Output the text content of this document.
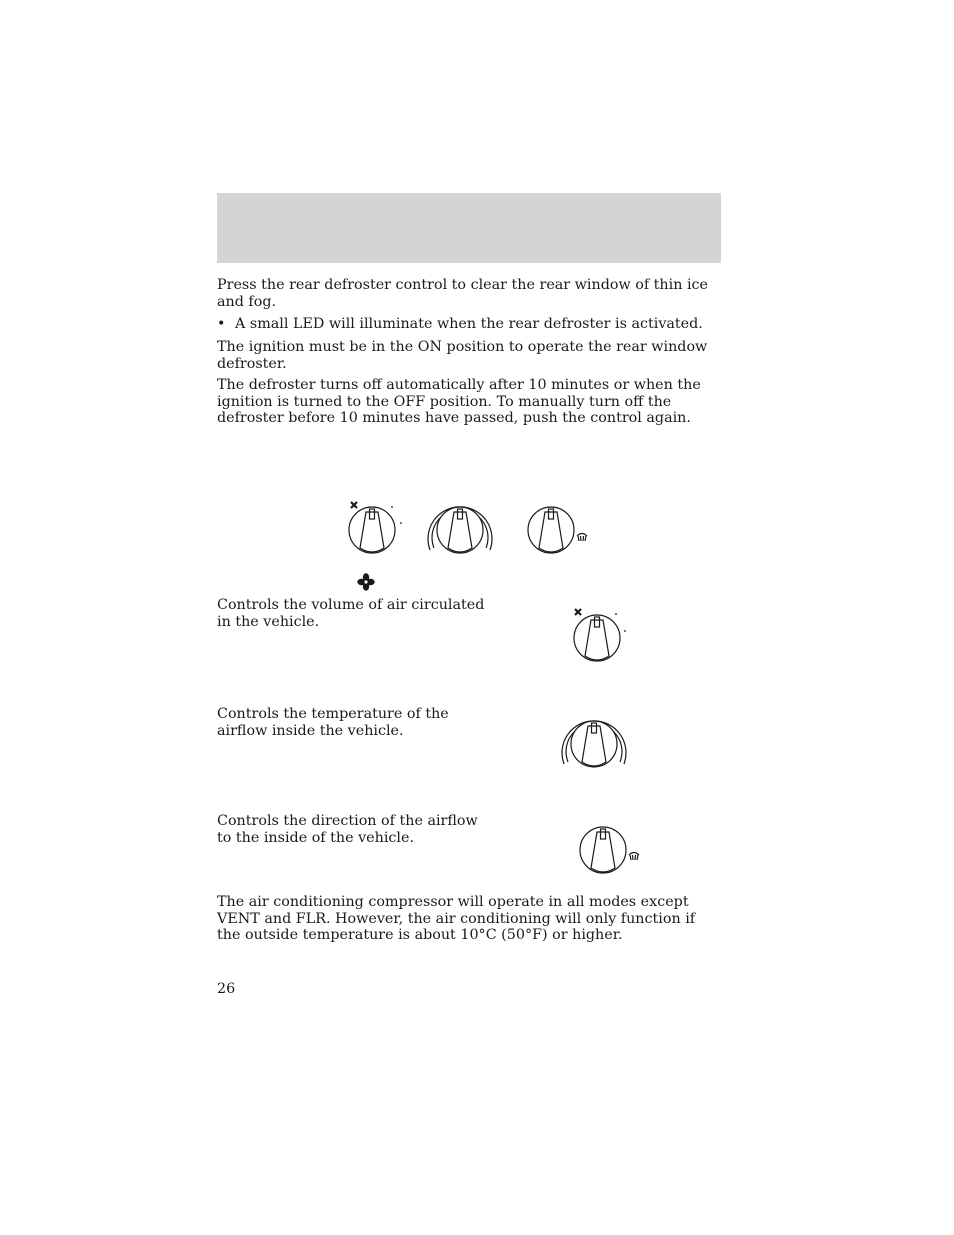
Press the rear defroster control to clear the rear window of thin ice and fog.

• A small LED will illuminate when the rear defroster is activated.

The ignition must be in the ON position to operate the rear window defroster.

The defroster turns off automatically after 10 minutes or when the ignition is turned to the OFF position. To manually turn off the defroster before 10 minutes have passed, push the control again.

Controls the volume of air circulated in the vehicle.

Controls the temperature of the airflow inside the vehicle.

Controls the direction of the airflow to the inside of the vehicle.

The air conditioning compressor will operate in all modes except VENT and FLR. However, the air conditioning will only function if the outside temperature is about 10°C (50°F) or higher.

26
